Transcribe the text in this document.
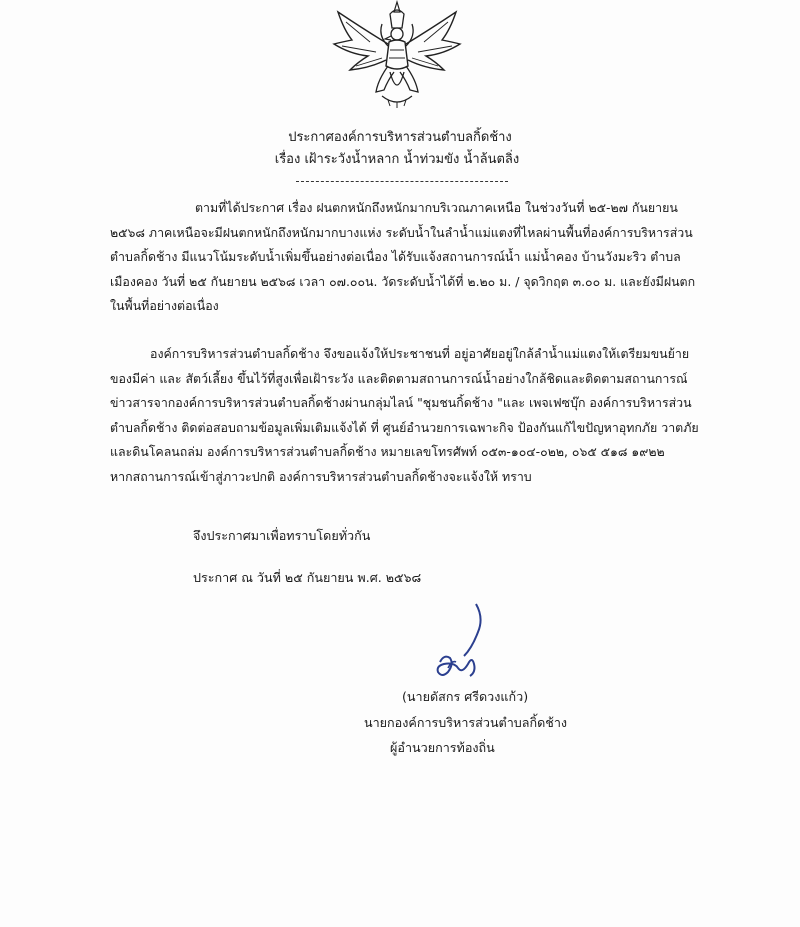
ประกาศองค์การบริหารส่วนตำบลกิ้ดช้าง
เรื่อง เฝ้าระวังน้ำหลาก น้ำท่วมขัง น้ำล้นตลิ่ง

ตามที่ได้ประกาศ เรื่อง ฝนตกหนักถึงหนักมากบริเวณภาคเหนือ ในช่วงวันที่ ๒๕-๒๗ กันยายน
๒๕๖๘ ภาคเหนือจะมีฝนตกหนักถึงหนักมากบางแห่ง ระดับน้ำในลำน้ำแม่แตงที่ไหลผ่านพื้นที่องค์การบริหารส่วน
ตำบลกิ้ดช้าง มีแนวโน้มระดับน้ำเพิ่มขึ้นอย่างต่อเนื่อง ได้รับแจ้งสถานการณ์น้ำ แม่น้ำคอง บ้านวังมะริว ตำบล
เมืองคอง วันที่ ๒๕ กันยายน ๒๕๖๘ เวลา ๐๗.๐๐น. วัดระดับน้ำได้ที่ ๒.๒๐ ม. / จุดวิกฤต ๓.๐๐ ม. และยังมีฝนตก
ในพื้นที่อย่างต่อเนื่อง

องค์การบริหารส่วนตำบลกิ้ดช้าง จึงขอแจ้งให้ประชาชนที่ อยู่อาศัยอยู่ใกล้ลำน้ำแม่แตงให้เตรียมขนย้าย
ของมีค่า และ สัตว์เลี้ยง ขึ้นไว้ที่สูงเพื่อเฝ้าระวัง และติดตามสถานการณ์น้ำอย่างใกล้ชิดและติดตามสถานการณ์
ข่าวสารจากองค์การบริหารส่วนตำบลกิ้ดช้างผ่านกลุ่มไลน์ "ชุมชนกิ้ดช้าง "และ เพจเฟซบุ๊ก องค์การบริหารส่วน
ตำบลกิ้ดช้าง ติดต่อสอบถามข้อมูลเพิ่มเติมแจ้งได้ ที่ ศูนย์อำนวยการเฉพาะกิจ ป้องกันแก้ไขปัญหาอุทกภัย วาตภัย
และดินโคลนถล่ม องค์การบริหารส่วนตำบลกิ้ดช้าง หมายเลขโทรศัพท์ ๐๕๓-๑๐๔-๐๒๒, ๐๖๕ ๕๑๘ ๑๙๒๒
หากสถานการณ์เข้าสู่ภาวะปกติ องค์การบริหารส่วนตำบลกิ้ดช้างจะแจ้งให้ ทราบ

จึงประกาศมาเพื่อทราบโดยทั่วกัน
ประกาศ ณ วันที่ ๒๕ กันยายน พ.ศ. ๒๕๖๘
(นายดัสกร ศรีดวงแก้ว)
นายกองค์การบริหารส่วนตำบลกิ้ดช้าง
ผู้อำนวยการท้องถิ่น
